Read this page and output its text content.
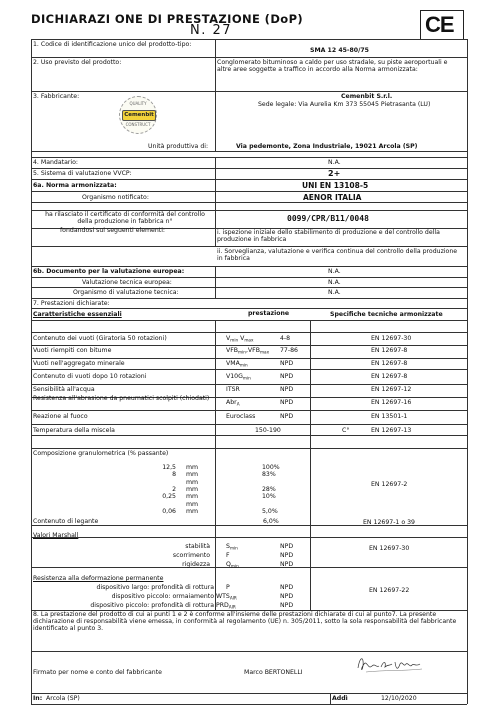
DICHIARAZI ONE DI PRESTAZIONE (DoP)
N. 27	CE
1. Codice di identificazione unico del prodotto-tipo:
SMA 12 45-80/75
2. Uso previsto del prodotto:	Conglomerato bituminoso a caldo per uso stradale, su piste aeroportuali e altre aree soggette a traffico in accordo alla Norma armonizzata:
3. Fabbricante:
QUALITY
Cemenbit
CONSTRUCT
Cemenbit S.r.l.
Sede legale: Via Aurelia Km 373 55045 Pietrasanta (LU)
Unità produttiva di:	Via pedemonte, Zona Industriale, 19021 Arcola (SP)
4. Mandatario:	N.A.
5. Sistema di valutazione VVCP:	2+
6a. Norma armonizzata:	UNI EN 13108-5
Organismo notificato:	AENOR ITALIA
ha rilasciato il certificato di conformità del controllo della produzione in fabbrica n°	0099/CPR/B11/0048
fondandosi sui seguenti elementi:	i. ispezione iniziale dello stabilimento di produzione e del controllo della produzione in fabbrica
ii. Sorveglianza, valutazione e verifica continua del controllo della produzione in fabbrica
6b. Documento per la valutazione europea:	N.A.
Valutazione tecnica europea:	N.A.
Organismo di valutazione tecnica:	N.A.
7. Prestazioni dichiarate:
Caratteristiche essenziali	prestazione	Specifiche tecniche armonizzate
Contenuto dei vuoti (Giratoria 50 rotazioni)	$V_{min}$ $V_{max}$	4-8	EN 12697-30
Vuoti riempiti con bitume	$VFB_{min},VFB_{max}$ 77-86	EN 12697-8
Vuoti nell'aggregato minerale	$VMA_{min}$	NPD	EN 12697-8
Contenuto di vuoti dopo 10 rotazioni	$V10G_{min}$	NPD	EN 12697-8
Sensibilità all'acqua	ITSR	NPD	EN 12697-12
Resistenza all'abrasione da pneumatici scolpiti (chiodati)
Abr$_A$	NPD	EN 12697-16
Reazione al fuoco	Euroclass	NPD	EN 13501-1
Temperatura della miscela	150-190	C°	EN 12697-13
Composizione granulometrica (% passante)
12,5 mm	100%
8 mm	83%
mm
2 mm	28%
0,25 mm	10%
mm
0,06 mm	5,0%
EN 12697-2
Contenuto di legante	6,0%	EN 12697-1 o 39
Valori Marshall
stabilità	$S_{min}$	NPD
scorrimento	F	NPD
rigidezza	$Q_{min}$	NPD
EN 12697-30
Resistenza alla deformazione permanente
dispositivo largo: profondità di rottura P	NPD
dispositivo piccolo: ormaiamento $WTS_{AIR}$	NPD
dispositivo piccolo: profondità di rottura $PRD_{AIR}$	NPD
EN 12697-22
8. La prestazione del prodotto di cui ai punti 1 e 2 è conforme all'insieme delle prestazioni dichiarate di cui al punto7. La presente dichiarazione di responsabilità viene emessa, in conformità al regolamento (UE) n. 305/2011, sotto la sola responsabilità del fabbricante identificato al punto 3.
Firmato per nome e conto del fabbricante	Marco BERTONELLI
In: Arcola (SP)	Addì	12/10/2020
